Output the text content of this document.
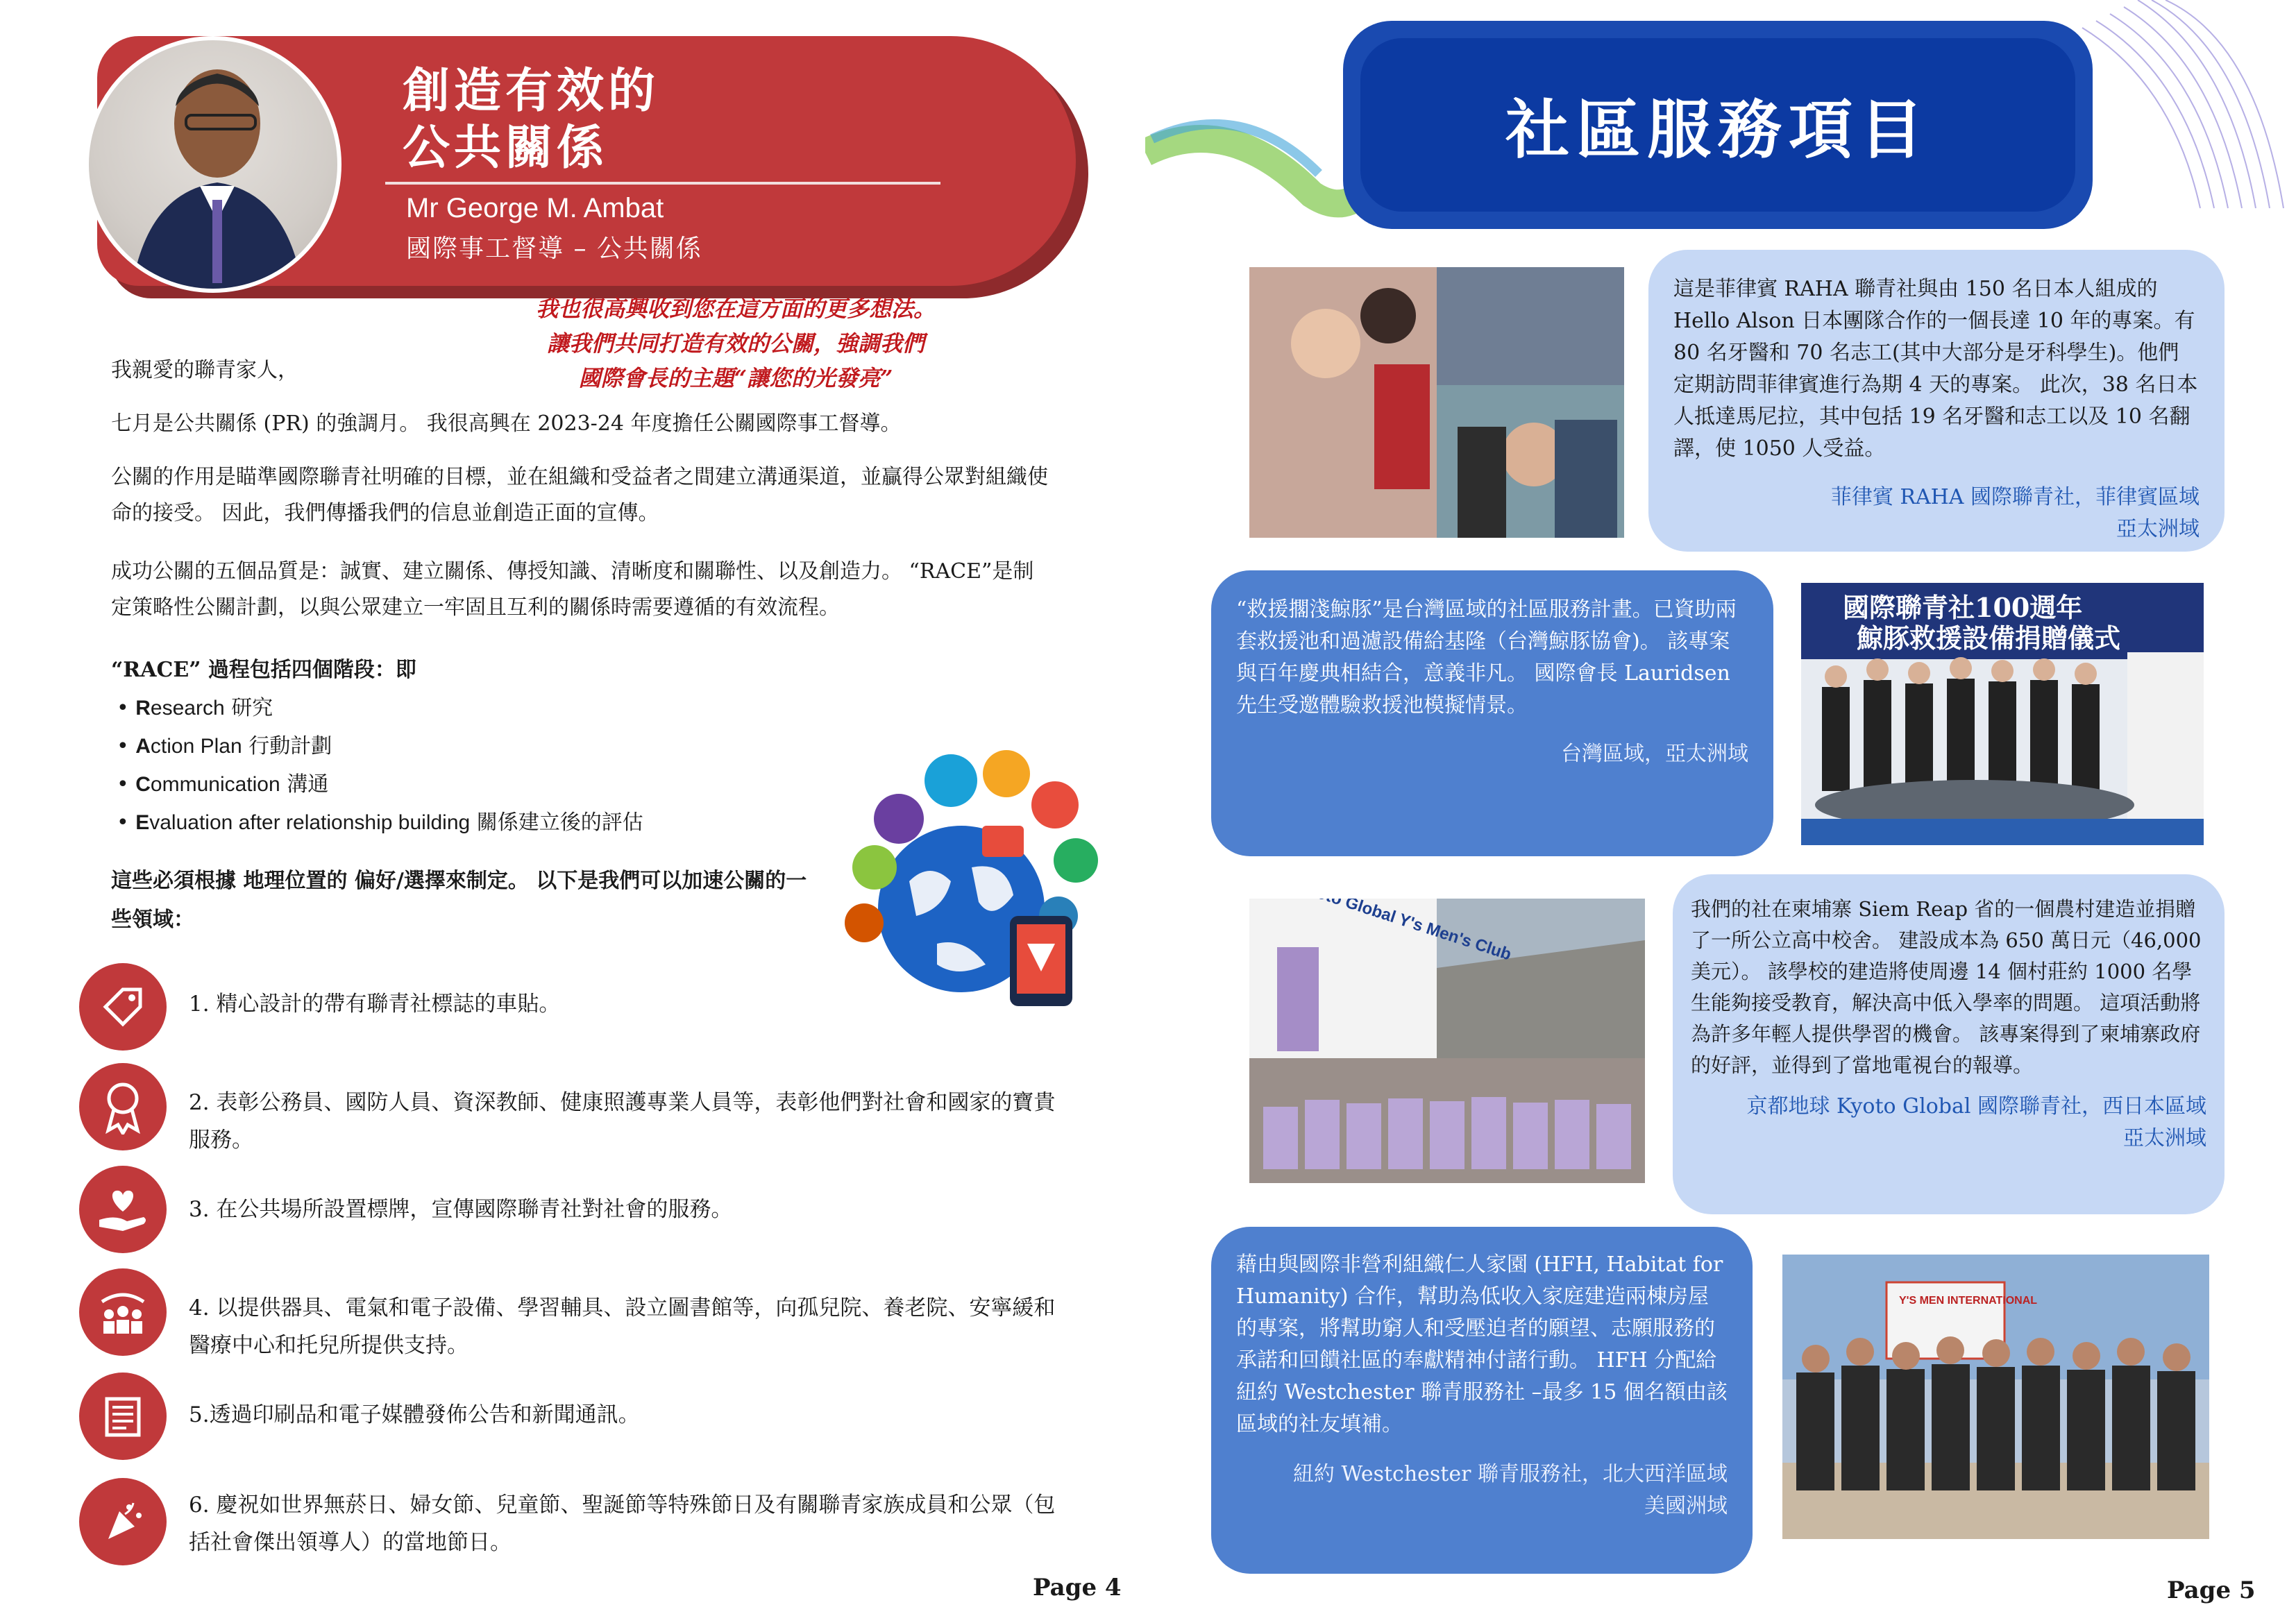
創造有效的
公共關係
Mr George M. Ambat
國際事工督導 – 公共關係
我也很高興收到您在這方面的更多想法。
讓我們共同打造有效的公關，強調我們
國際會長的主題“讓您的光發亮”
我親愛的聯青家人，
七月是公共關係 (PR) 的強調月。 我很高興在 2023-24 年度擔任公關國際事工督導。
公關的作用是瞄準國際聯青社明確的目標，並在組織和受益者之間建立溝通渠道，並贏得公眾對組織使命的接受。 因此，我們傳播我們的信息並創造正面的宣傳。
成功公關的五個品質是：誠實、建立關係、傳授知識、清晰度和關聯性、以及創造力。 “RACE”是制定策略性公關計劃，以與公眾建立一牢固且互利的關係時需要遵循的有效流程。
“RACE” 過程包括四個階段：即
• Research 研究
• Action Plan 行動計劃
• Communication 溝通
• Evaluation after relationship building 關係建立後的評估
這些必須根據 地理位置的 偏好/選擇來制定。 以下是我們可以加速公關的一些領域：
1. 精心設計的帶有聯青社標誌的車貼。
2. 表彰公務員、國防人員、資深教師、健康照護專業人員等，表彰他們對社會和國家的寶貴服務。
3. 在公共場所設置標牌，宣傳國際聯青社對社會的服務。
4. 以提供器具、電氣和電子設備、學習輔具、設立圖書館等，向孤兒院、養老院、安寧緩和醫療中心和托兒所提供支持。
5.透過印刷品和電子媒體發佈公告和新聞通訊。
6. 慶祝如世界無菸日、婦女節、兒童節、聖誕節等特殊節日及有關聯青家族成員和公眾（包括社會傑出領導人）的當地節日。
Page 4
社區服務項目
這是菲律賓 RAHA 聯青社與由 150 名日本人組成的 Hello Alson 日本團隊合作的一個長達 10 年的專案。有 80 名牙醫和 70 名志工(其中大部分是牙科學生)。他們定期訪問菲律賓進行為期 4 天的專案。 此次，38 名日本人抵達馬尼拉，其中包括 19 名牙醫和志工以及 10 名翻譯，使 1050 人受益。
菲律賓 RAHA 國際聯青社，菲律賓區域
亞太洲域
“救援擱淺鯨豚”是台灣區域的社區服務計畫。已資助兩套救援池和過濾設備給基隆（台灣鯨豚協會)。 該專案與百年慶典相結合，意義非凡。 國際會長 Lauridsen 先生受邀體驗救援池模擬情景。
台灣區域，亞太洲域
國際聯青社100週年
鯨豚救援設備捐贈儀式
Global Y's Men's Club
我們的社在柬埔寨 Siem Reap 省的一個農村建造並捐贈了一所公立高中校舍。 建設成本為 650 萬日元（46,000 美元）。 該學校的建造將使周邊 14 個村莊約 1000 名學生能夠接受教育，解決高中低入學率的問題。 這項活動將為許多年輕人提供學習的機會。 該專案得到了柬埔寨政府的好評，並得到了當地電視台的報導。
京都地球 Kyoto Global 國際聯青社，西日本區域
亞太洲域
藉由與國際非營利組織仁人家園 (HFH, Habitat for Humanity) 合作，幫助為低收入家庭建造兩棟房屋的專案，將幫助窮人和受壓迫者的願望、志願服務的承諾和回饋社區的奉獻精神付諸行動。 HFH 分配給紐約 Westchester 聯青服務社 –最多 15 個名額由該區域的社友填補。
紐約 Westchester 聯青服務社，北大西洋區域
美國洲域
Y'S MEN INTERNATIONAL
Page 5
